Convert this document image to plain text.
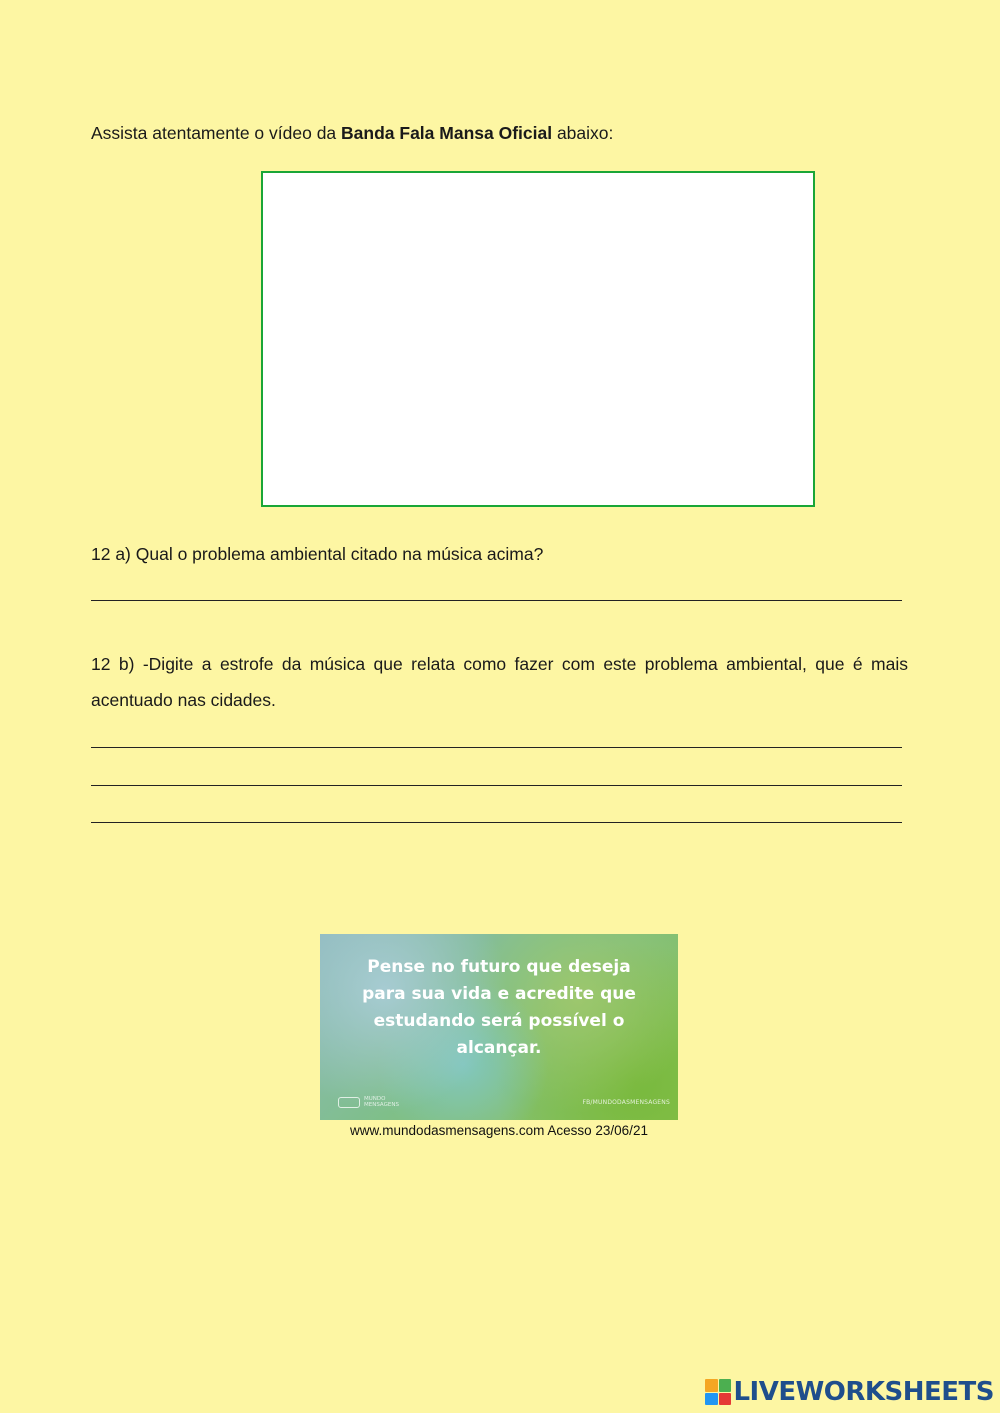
Assista atentamente o vídeo da Banda Fala Mansa Oficial abaixo:
12 a) Qual o problema ambiental citado na música acima?
12 b) -Digite a estrofe da música que relata como fazer com este problema ambiental, que é mais acentuado nas cidades.
Pense no futuro que deseja
para sua vida e acredite que
estudando será possível o
alcançar.
MUNDO
MENSAGENS	FB/MUNDODASMENSAGENS
www.mundodasmensagens.com Acesso 23/06/21
LIVEWORKSHEETS
